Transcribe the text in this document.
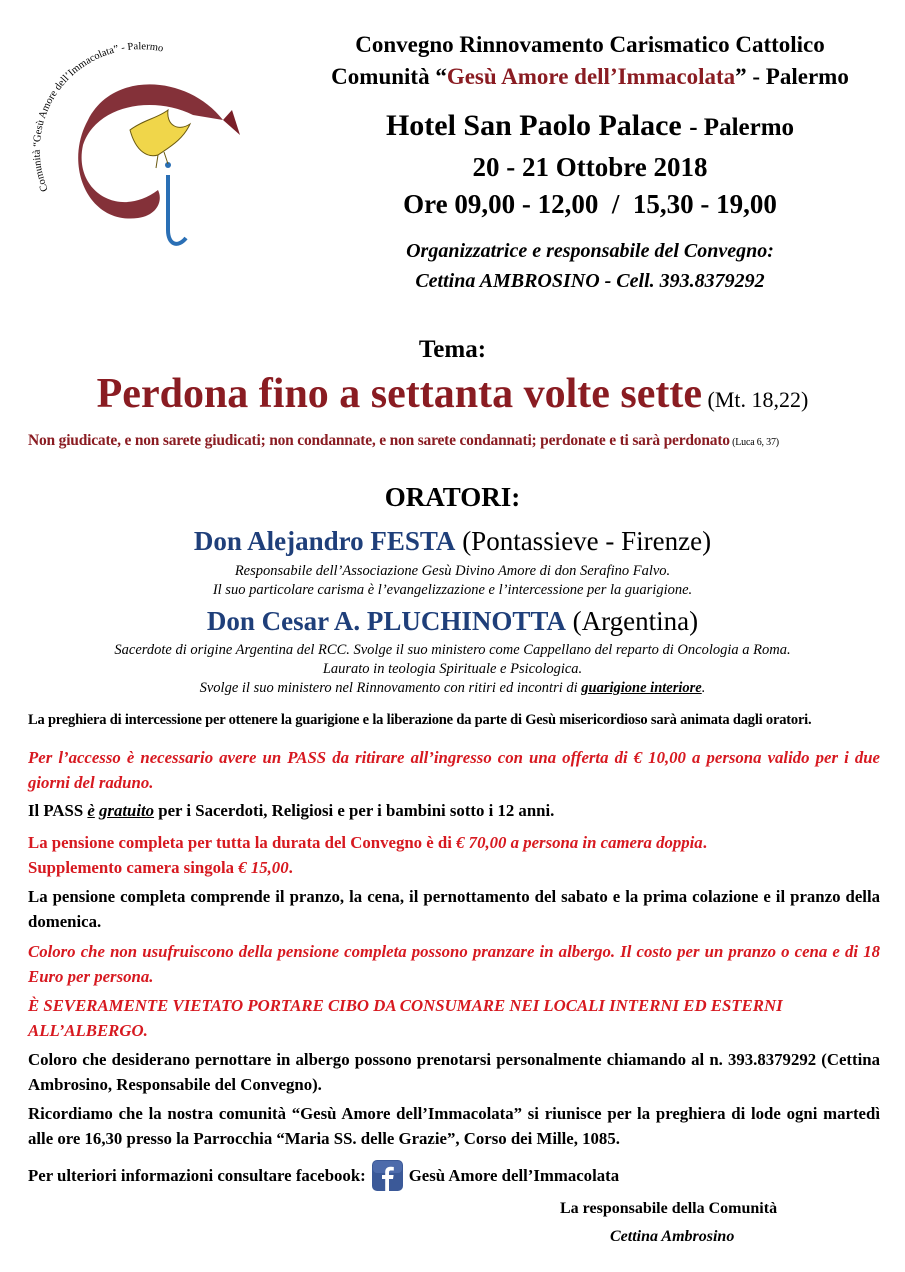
Comunità “Gesù Amore dell’Immacolata” - Palermo	Convegno Rinnovamento Carismatico Cattolico
Comunità “Gesù Amore dell’Immacolata” - Palermo
Hotel San Paolo Palace - Palermo
20 - 21 Ottobre 2018
Ore 09,00 - 12,00  /  15,30 - 19,00
Organizzatrice e responsabile del Convegno:
Cettina AMBROSINO - Cell. 393.8379292
Tema:
Perdona fino a settanta volte sette (Mt. 18,22)
Non giudicate, e non sarete giudicati; non condannate, e non sarete condannati; perdonate e ti sarà perdonato (Luca 6, 37)
ORATORI:
Don Alejandro FESTA (Pontassieve - Firenze)
Responsabile dell’Associazione Gesù Divino Amore di don Serafino Falvo.
Il suo particolare carisma è l’evangelizzazione e l’intercessione per la guarigione.
Don Cesar A. PLUCHINOTTA (Argentina)
Sacerdote di origine Argentina del RCC. Svolge il suo ministero come Cappellano del reparto di Oncologia a Roma.
Laurato in teologia Spirituale e Psicologica.
Svolge il suo ministero nel Rinnovamento con ritiri ed incontri di guarigione interiore.
La preghiera di intercessione per ottenere la guarigione e la liberazione da parte di Gesù misericordioso sarà animata dagli oratori.
Per l’accesso è necessario avere un PASS da ritirare all’ingresso con una offerta di € 10,00 a persona valido per i due giorni del raduno.
Il PASS è gratuito per i Sacerdoti, Religiosi e per i bambini sotto i 12 anni.
La pensione completa per tutta la durata del Convegno è di € 70,00 a persona in camera doppia.
Supplemento camera singola € 15,00.
La pensione completa comprende il pranzo, la cena, il pernottamento del sabato e la prima colazione e il pranzo della domenica.
Coloro che non usufruiscono della pensione completa possono pranzare in albergo. Il costo per un pranzo o cena e di 18 Euro per persona.
È SEVERAMENTE VIETATO PORTARE CIBO DA CONSUMARE NEI LOCALI INTERNI ED ESTERNI ALL’ALBERGO.
Coloro che desiderano pernottare in albergo possono prenotarsi personalmente chiamando al n. 393.8379292 (Cettina Ambrosino, Responsabile del Convegno).
Ricordiamo che la nostra comunità “Gesù Amore dell’Immacolata” si riunisce per la preghiera di lode ogni martedì alle ore 16,30 presso la Parrocchia “Maria SS. delle Grazie”, Corso dei Mille, 1085.
Per ulteriori informazioni consultare facebook:	Gesù Amore dell’Immacolata
La responsabile della Comunità
Cettina Ambrosino
